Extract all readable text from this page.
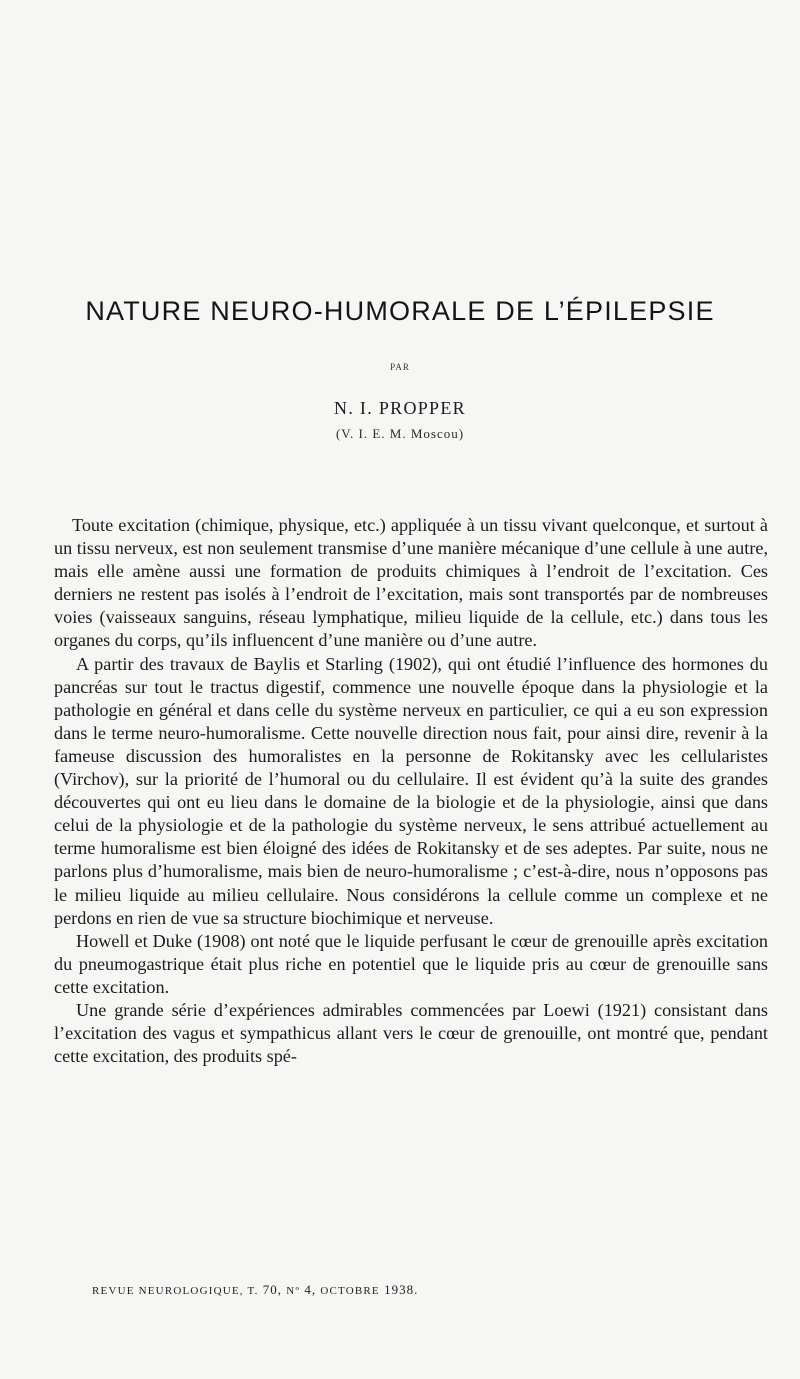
NATURE NEURO-HUMORALE DE L’ÉPILEPSIE
PAR
N. I. PROPPER
(V. I. E. M. Moscou)

Toute excitation (chimique, physique, etc.) appliquée à un tissu vivant quelconque, et surtout à un tissu nerveux, est non seulement transmise d’une manière mécanique d’une cellule à une autre, mais elle amène aussi une formation de produits chimiques à l’endroit de l’excitation. Ces derniers ne restent pas isolés à l’endroit de l’excitation, mais sont transportés par de nombreuses voies (vaisseaux sanguins, réseau lymphatique, milieu liquide de la cellule, etc.) dans tous les organes du corps, qu’ils influencent d’une manière ou d’une autre.

A partir des travaux de Baylis et Starling (1902), qui ont étudié l’influence des hormones du pancréas sur tout le tractus digestif, commence une nouvelle époque dans la physiologie et la pathologie en général et dans celle du système nerveux en particulier, ce qui a eu son expression dans le terme neuro-humoralisme. Cette nouvelle direction nous fait, pour ainsi dire, revenir à la fameuse discussion des humoralistes en la personne de Rokitansky avec les cellularistes (Virchov), sur la priorité de l’humoral ou du cellulaire. Il est évident qu’à la suite des grandes découvertes qui ont eu lieu dans le domaine de la biologie et de la physiologie, ainsi que dans celui de la physiologie et de la pathologie du système nerveux, le sens attribué actuellement au terme humoralisme est bien éloigné des idées de Rokitansky et de ses adeptes. Par suite, nous ne parlons plus d’humoralisme, mais bien de neuro-humoralisme ; c’est-à-dire, nous n’opposons pas le milieu liquide au milieu cellulaire. Nous considérons la cellule comme un complexe et ne perdons en rien de vue sa structure biochimique et nerveuse.

Howell et Duke (1908) ont noté que le liquide perfusant le cœur de grenouille après excitation du pneumogastrique était plus riche en potentiel que le liquide pris au cœur de grenouille sans cette excitation.

Une grande série d’expériences admirables commencées par Loewi (1921) consistant dans l’excitation des vagus et sympathicus allant vers le cœur de grenouille, ont montré que, pendant cette excitation, des produits spé-

REVUE NEUROLOGIQUE, T. 70, Nº 4, OCTOBRE 1938.
